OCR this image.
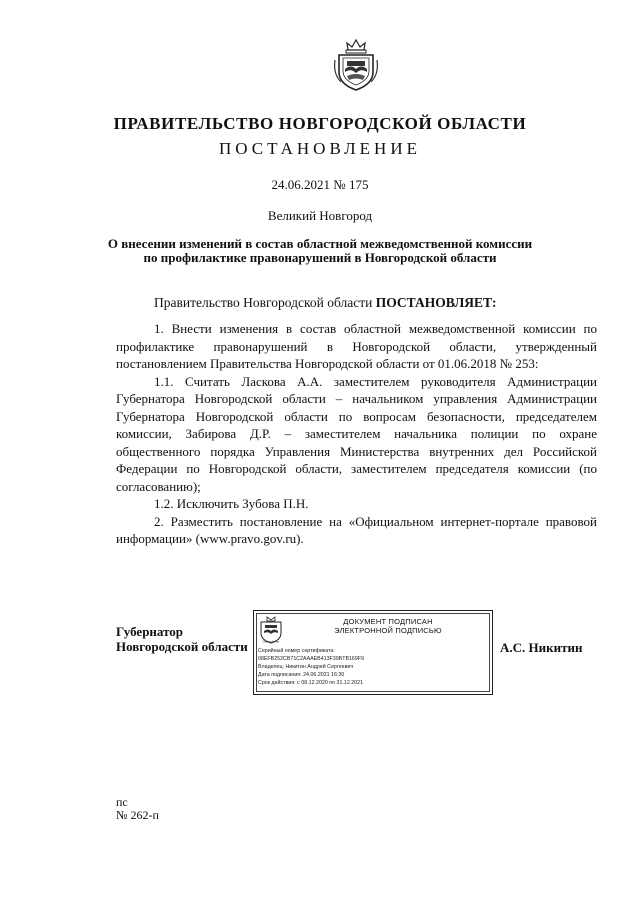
ПРАВИТЕЛЬСТВО НОВГОРОДСКОЙ ОБЛАСТИ
ПОСТАНОВЛЕНИЕ
24.06.2021 № 175
Великий Новгород
О внесении изменений в состав областной межведомственной комиссии
по профилактике правонарушений в Новгородской области
Правительство Новгородской области ПОСТАНОВЛЯЕТ:

1. Внести изменения в состав областной межведомственной комиссии по профилактике правонарушений в Новгородской области, утвержденный постановлением Правительства Новгородской области от 01.06.2018 № 253:

1.1. Считать Ласкова А.А. заместителем руководителя Администрации Губернатора Новгородской области – начальником управления Администрации Губернатора Новгородской области по вопросам безопасности, председателем комиссии, Забирова Д.Р. – заместителем начальника полиции по охране общественного порядка Управления Министерства внутренних дел Российской Федерации по Новгородской области, заместителем председателя комиссии (по согласованию);

1.2. Исключить Зубова П.Н.

2. Разместить постановление на «Официальном интернет-портале правовой информации» (www.pravo.gov.ru).

Губернатор
Новгородской области	Сертификат
ДОКУМЕНТ ПОДПИСАН
ЭЛЕКТРОННОЙ ПОДПИСЬЮ
Серийный номер сертификата:
08EFB252CB71C2AAAEB413F39BTB169F9
Владелец: Никитин Андрей Сергеевич
Дата подписания: 24.06.2021 16:30
Срок действия: с 08.12.2020 по 31.12.2021
А.С. Никитин
пс
№ 262-п
